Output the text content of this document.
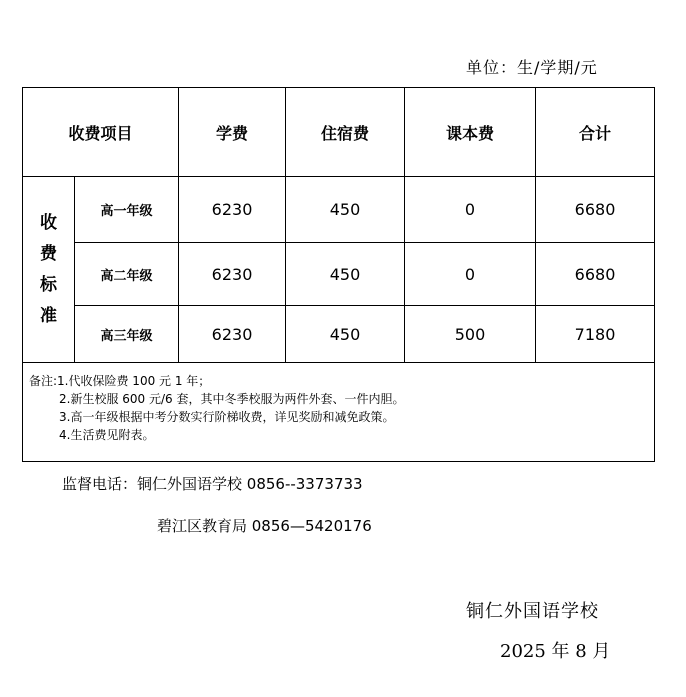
单位：生/学期/元
收费项目		学费	住宿费	课本费	合计

收
费
标
准	高一年级	6230	450	0	6680
	高二年级	6230	450	0	6680
	高三年级	6230	450	500	7180

备注:1.代收保险费 100 元 1 年；
2.新生校服 600 元/6 套，其中冬季校服为两件外套、一件内胆。
3.高一年级根据中考分数实行阶梯收费，详见奖励和减免政策。
4.生活费见附表。					
监督电话：铜仁外国语学校 0856--3373733
碧江区教育局 0856—5420176
铜仁外国语学校
2025 年 8 月
